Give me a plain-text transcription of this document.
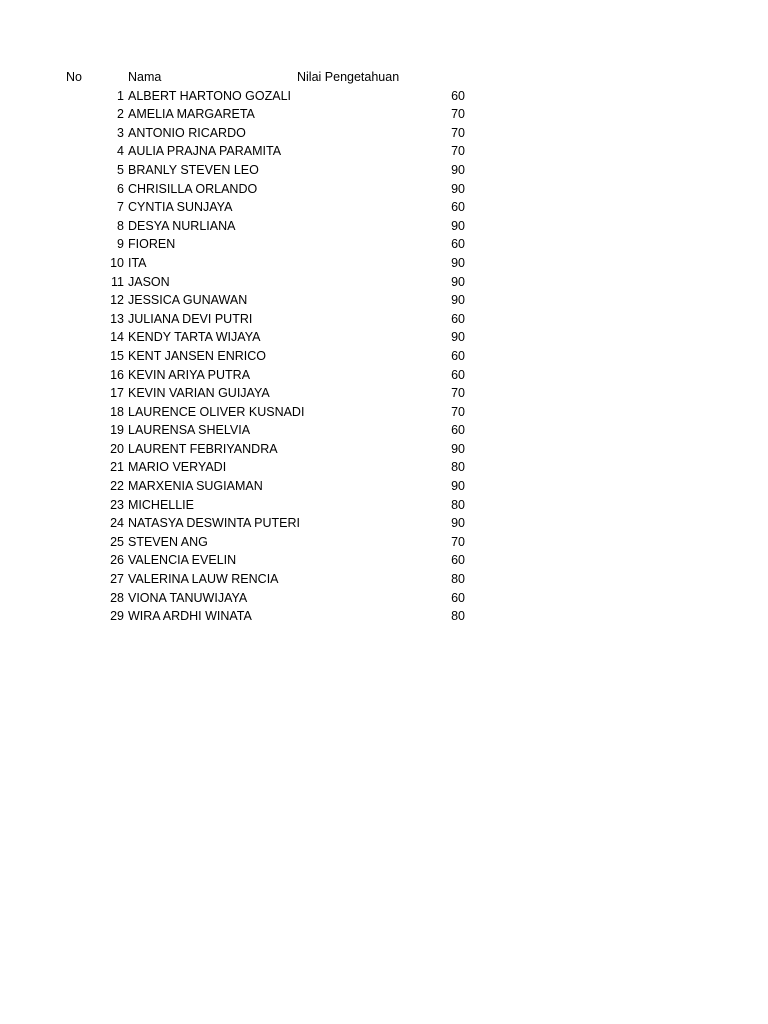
No	Nama	Nilai Pengetahuan
1 ALBERT HARTONO GOZALI	60
2 AMELIA MARGARETA	70
3 ANTONIO RICARDO	70
4 AULIA PRAJNA PARAMITA	70
5 BRANLY STEVEN LEO	90
6 CHRISILLA ORLANDO	90
7 CYNTIA SUNJAYA	60
8 DESYA NURLIANA	90
9 FIOREN	60
10 ITA	90
11 JASON	90
12 JESSICA GUNAWAN	90
13 JULIANA DEVI PUTRI	60
14 KENDY TARTA WIJAYA	90
15 KENT JANSEN ENRICO	60
16 KEVIN ARIYA PUTRA	60
17 KEVIN VARIAN GUIJAYA	70
18 LAURENCE OLIVER KUSNADI	70
19 LAURENSA SHELVIA	60
20 LAURENT FEBRIYANDRA	90
21 MARIO VERYADI	80
22 MARXENIA SUGIAMAN	90
23 MICHELLIE	80
24 NATASYA DESWINTA PUTERI	90
25 STEVEN ANG	70
26 VALENCIA EVELIN	60
27 VALERINA LAUW RENCIA	80
28 VIONA TANUWIJAYA	60
29 WIRA ARDHI WINATA	80
